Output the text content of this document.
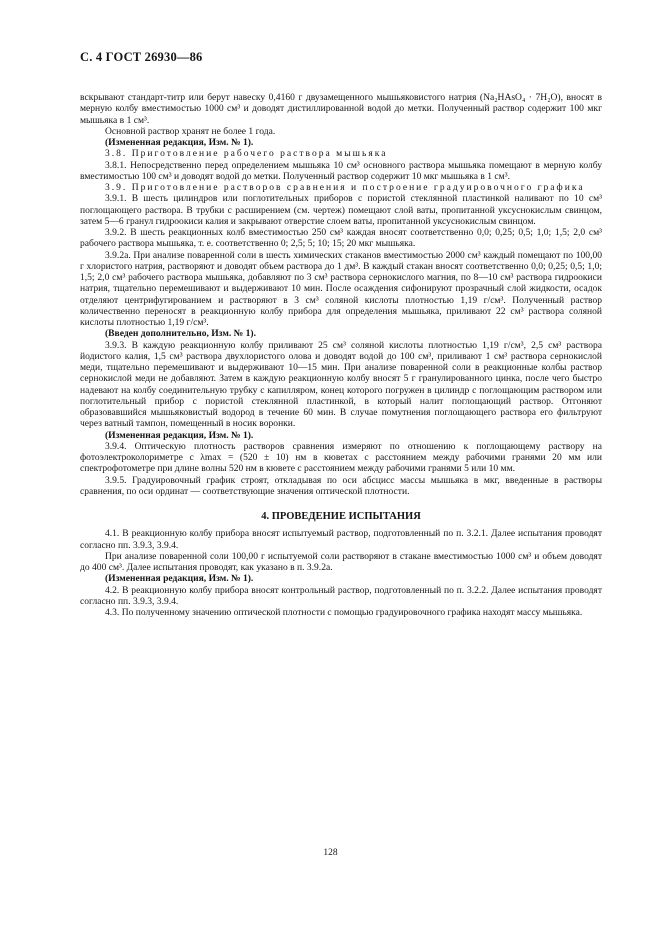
С. 4 ГОСТ 26930—86

вскрывают стандарт-титр или берут навеску 0,4160 г двузамещенного мышьяковистого натрия (Na₂HAsO₄ · 7H₂O), вносят в мерную колбу вместимостью 1000 см³ и доводят дистиллированной водой до метки. Полученный раствор содержит 100 мкг мышьяка в 1 см³.

Основной раствор хранят не более 1 года.

(Измененная редакция, Изм. № 1).

3.8. Приготовление рабочего раствора мышьяка

3.8.1. Непосредственно перед определением мышьяка 10 см³ основного раствора мышьяка помещают в мерную колбу вместимостью 100 см³ и доводят водой до метки. Полученный раствор содержит 10 мкг мышьяка в 1 см³.

3.9. Приготовление растворов сравнения и построение градуировочного графика

3.9.1. В шесть цилиндров или поглотительных приборов с пористой стеклянной пластинкой наливают по 10 см³ поглощающего раствора. В трубки с расширением (см. чертеж) помещают слой ваты, пропитанной уксуснокислым свинцом, затем 5—6 гранул гидроокиси калия и закрывают отверстие слоем ваты, пропитанной уксуснокислым свинцом.

3.9.2. В шесть реакционных колб вместимостью 250 см³ каждая вносят соответственно 0,0; 0,25; 0,5; 1,0; 1,5; 2,0 см³ рабочего раствора мышьяка, т. е. соответственно 0; 2,5; 5; 10; 15; 20 мкг мышьяка.

3.9.2а. При анализе поваренной соли в шесть химических стаканов вместимостью 2000 см³ каждый помещают по 100,00 г хлористого натрия, растворяют и доводят объем раствора до 1 дм³. В каждый стакан вносят соответственно 0,0; 0,25; 0,5; 1,0; 1,5; 2,0 см³ рабочего раствора мышьяка, добавляют по 3 см³ раствора сернокислого магния, по 8—10 см³ раствора гидроокиси натрия, тщательно перемешивают и выдерживают 10 мин. После осаждения сифонируют прозрачный слой жидкости, осадок отделяют центрифугированием и растворяют в 3 см³ соляной кислоты плотностью 1,19 г/см³. Полученный раствор количественно переносят в реакционную колбу прибора для определения мышьяка, приливают 22 см³ раствора соляной кислоты плотностью 1,19 г/см³.

(Введен дополнительно, Изм. № 1).

3.9.3. В каждую реакционную колбу приливают 25 см³ соляной кислоты плотностью 1,19 г/см³, 2,5 см³ раствора йодистого калия, 1,5 см³ раствора двухлористого олова и доводят водой до 100 см³, приливают 1 см³ раствора сернокислой меди, тщательно перемешивают и выдерживают 10—15 мин. При анализе поваренной соли в реакционные колбы раствор сернокислой меди не добавляют. Затем в каждую реакционную колбу вносят 5 г гранулированного цинка, после чего быстро надевают на колбу соединительную трубку с капилляром, конец которого погружен в цилиндр с поглощающим раствором или поглотительный прибор с пористой стеклянной пластинкой, в который налит поглощающий раствор. Отгоняют образовавшийся мышьяковистый водород в течение 60 мин. В случае помутнения поглощающего раствора его фильтруют через ватный тампон, помещенный в носик воронки.

(Измененная редакция, Изм. № 1).

3.9.4. Оптическую плотность растворов сравнения измеряют по отношению к поглощающему раствору на фотоэлектроколориметре с λmax = (520 ± 10) нм в кюветах с расстоянием между рабочими гранями 20 мм или спектрофотометре при длине волны 520 нм в кювете с расстоянием между рабочими гранями 5 или 10 мм.

3.9.5. Градуировочный график строят, откладывая по оси абсцисс массы мышьяка в мкг, введенные в растворы сравнения, по оси ординат — соответствующие значения оптической плотности.

4. ПРОВЕДЕНИЕ ИСПЫТАНИЯ

4.1. В реакционную колбу прибора вносят испытуемый раствор, подготовленный по п. 3.2.1. Далее испытания проводят согласно пп. 3.9.3, 3.9.4.

При анализе поваренной соли 100,00 г испытуемой соли растворяют в стакане вместимостью 1000 см³ и объем доводят до 400 см³. Далее испытания проводят, как указано в п. 3.9.2а.

(Измененная редакция, Изм. № 1).

4.2. В реакционную колбу прибора вносят контрольный раствор, подготовленный по п. 3.2.2. Далее испытания проводят согласно пп. 3.9.3, 3.9.4.

4.3. По полученному значению оптической плотности с помощью градуировочного графика находят массу мышьяка.

128
